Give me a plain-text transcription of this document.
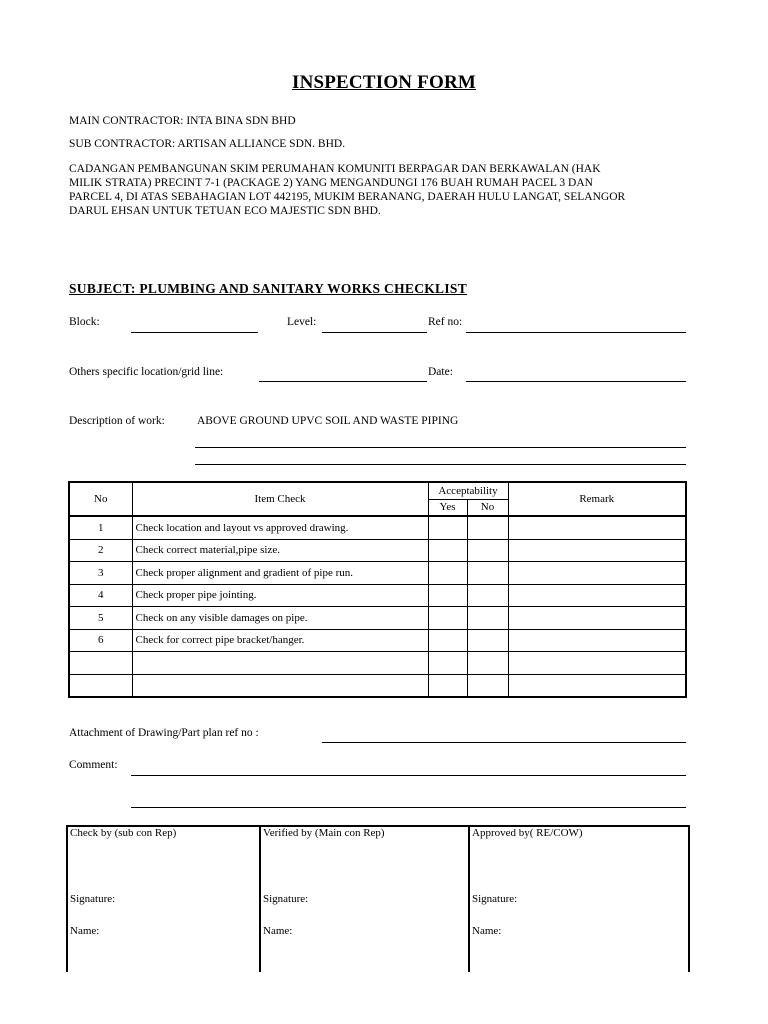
INSPECTION FORM
MAIN CONTRACTOR: INTA BINA SDN BHD
SUB CONTRACTOR: ARTISAN ALLIANCE SDN. BHD.
CADANGAN PEMBANGUNAN SKIM PERUMAHAN KOMUNITI BERPAGAR DAN BERKAWALAN (HAK
MILIK STRATA) PRECINT 7-1 (PACKAGE 2) YANG MENGANDUNGI 176 BUAH RUMAH PACEL 3 DAN
PARCEL 4, DI ATAS SEBAHAGIAN LOT 442195, MUKIM BERANANG, DAERAH HULU LANGAT, SELANGOR
DARUL EHSAN UNTUK TETUAN ECO MAJESTIC SDN BHD.
SUBJECT: PLUMBING AND SANITARY WORKS CHECKLIST
Block:	Level:	Ref no:
Others specific location/grid line:	Date:
Description of work:	ABOVE GROUND UPVC SOIL AND WASTE PIPING
No	Item Check	Acceptability		Remark
		Yes	No	
1	Check location and layout vs approved drawing.			
2	Check correct material,pipe size.			
3	Check proper alignment and gradient of pipe run.			
4	Check proper pipe jointing.			
5	Check on any visible damages on pipe.			
6	Check for correct pipe bracket/hanger.			

Attachment of Drawing/Part plan ref no :
Comment:
Check by (sub con Rep)
Signature:
Name:
Verified by (Main con Rep)
Signature:
Name:
Approved by( RE/COW)
Signature:
Name:
